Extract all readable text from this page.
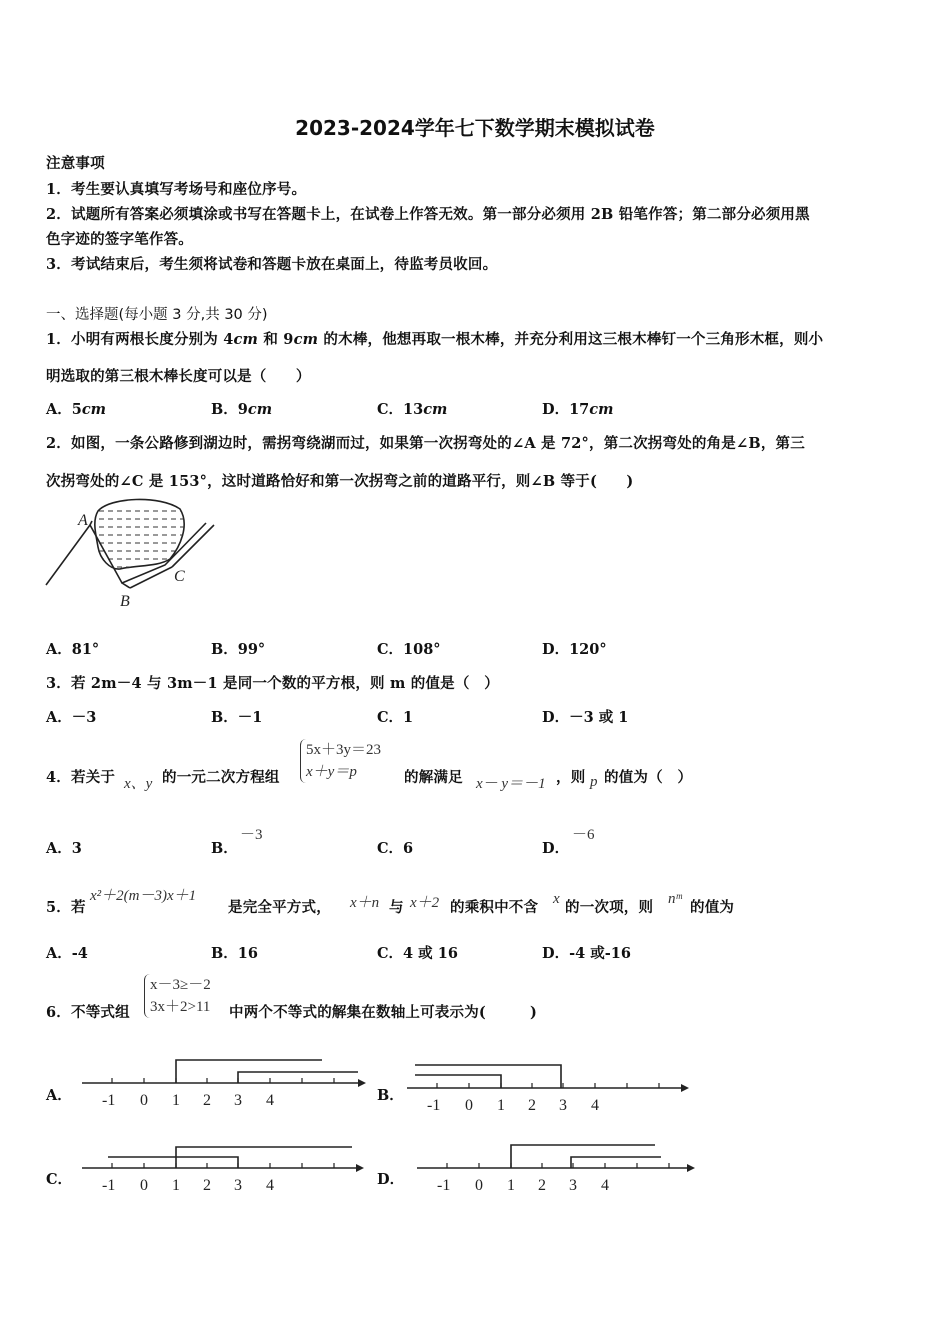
2023-2024学年七下数学期末模拟试卷
注意事项
1．考生要认真填写考场号和座位序号。
2．试题所有答案必须填涂或书写在答题卡上，在试卷上作答无效。第一部分必须用 2B 铅笔作答；第二部分必须用黑
色字迹的签字笔作答。
3．考试结束后，考生须将试卷和答题卡放在桌面上，待监考员收回。
一、选择题(每小题 3 分,共 30 分)
1．小明有两根长度分别为 4cm 和 9cm 的木棒，他想再取一根木棒，并充分利用这三根木棒钉一个三角形木框，则小
明选取的第三根木棒长度可以是（　　）
A．5cm	B．9cm	C．13cm	D．17cm
2．如图，一条公路修到湖边时，需拐弯绕湖而过，如果第一次拐弯处的∠A 是 72°，第二次拐弯处的角是∠B，第三
次拐弯处的∠C 是 153°，这时道路恰好和第一次拐弯之前的道路平行，则∠B 等于(　　)
A
B
C
A．81°	B．99°	C．108°	D．120°
3．若 2m－4 与 3m－1 是同一个数的平方根，则 m 的值是（　）
A．－3	B．－1	C．1	D．－3 或 1
4．若关于 x、y 的一元二次方程组
5x＋3y＝23
x＋y＝p	的解满足 x－ y＝－1 ，则 p 的值为（　）
A．3	B．
－3
C．6	D．
－6
5．若
x²＋2(m－3)x＋1
是完全平方式， x＋n 与 x＋2 的乘积中不含 x 的一次项，则 nᵐ 的值为
A．-4	B．16	C．4 或 16	D．-4 或-16
6．不等式组
x－3≥－2
3x＋2>11 中两个不等式的解集在数轴上可表示为(　　　)
A．	B．
C．	D．
-1 0 1 2 3 4	-1 0 1 2 3 4
-1 0 1 2 3 4	-1 0 1 2 3 4
